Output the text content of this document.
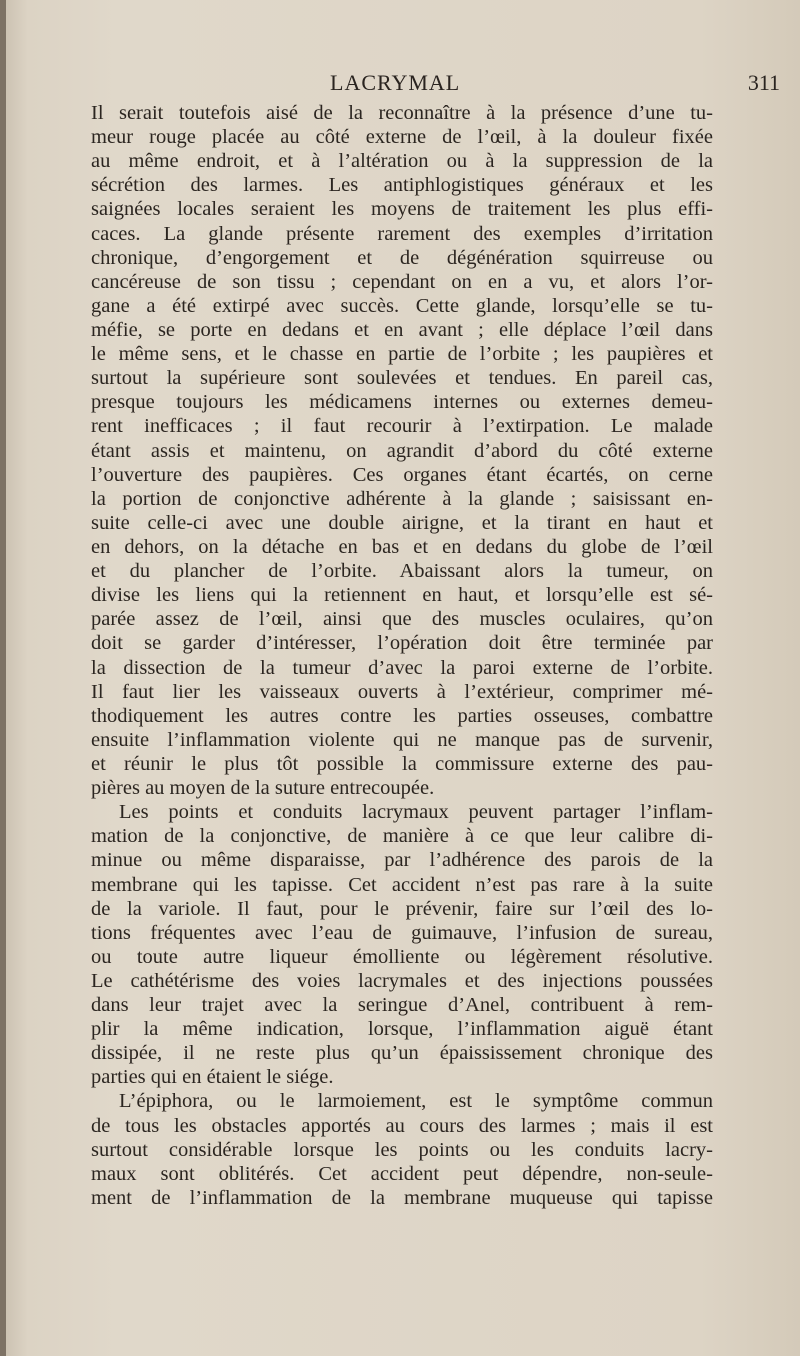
LACRYMAL	311
Il serait toutefois aisé de la reconnaître à la présence d’une tu-
meur rouge placée au côté externe de l’œil, à la douleur fixée
au même endroit, et à l’altération ou à la suppression de la
sécrétion des larmes. Les antiphlogistiques généraux et les
saignées locales seraient les moyens de traitement les plus effi-
caces. La glande présente rarement des exemples d’irritation
chronique, d’engorgement et de dégénération squirreuse ou
cancéreuse de son tissu ; cependant on en a vu, et alors l’or-
gane a été extirpé avec succès. Cette glande, lorsqu’elle se tu-
méfie, se porte en dedans et en avant ; elle déplace l’œil dans
le même sens, et le chasse en partie de l’orbite ; les paupières et
surtout la supérieure sont soulevées et tendues. En pareil cas,
presque toujours les médicamens internes ou externes demeu-
rent inefficaces ; il faut recourir à l’extirpation. Le malade
étant assis et maintenu, on agrandit d’abord du côté externe
l’ouverture des paupières. Ces organes étant écartés, on cerne
la portion de conjonctive adhérente à la glande ; saisissant en-
suite celle-ci avec une double airigne, et la tirant en haut et
en dehors, on la détache en bas et en dedans du globe de l’œil
et du plancher de l’orbite. Abaissant alors la tumeur, on
divise les liens qui la retiennent en haut, et lorsqu’elle est sé-
parée assez de l’œil, ainsi que des muscles oculaires, qu’on
doit se garder d’intéresser, l’opération doit être terminée par
la dissection de la tumeur d’avec la paroi externe de l’orbite.
Il faut lier les vaisseaux ouverts à l’extérieur, comprimer mé-
thodiquement les autres contre les parties osseuses, combattre
ensuite l’inflammation violente qui ne manque pas de survenir,
et réunir le plus tôt possible la commissure externe des pau-
pières au moyen de la suture entrecoupée.
Les points et conduits lacrymaux peuvent partager l’inflam-
mation de la conjonctive, de manière à ce que leur calibre di-
minue ou même disparaisse, par l’adhérence des parois de la
membrane qui les tapisse. Cet accident n’est pas rare à la suite
de la variole. Il faut, pour le prévenir, faire sur l’œil des lo-
tions fréquentes avec l’eau de guimauve, l’infusion de sureau,
ou toute autre liqueur émolliente ou légèrement résolutive.
Le cathétérisme des voies lacrymales et des injections poussées
dans leur trajet avec la seringue d’Anel, contribuent à rem-
plir la même indication, lorsque, l’inflammation aiguë étant
dissipée, il ne reste plus qu’un épaississement chronique des
parties qui en étaient le siége.
L’épiphora, ou le larmoiement, est le symptôme commun
de tous les obstacles apportés au cours des larmes ; mais il est
surtout considérable lorsque les points ou les conduits lacry-
maux sont oblitérés. Cet accident peut dépendre, non-seule-
ment de l’inflammation de la membrane muqueuse qui tapisse
